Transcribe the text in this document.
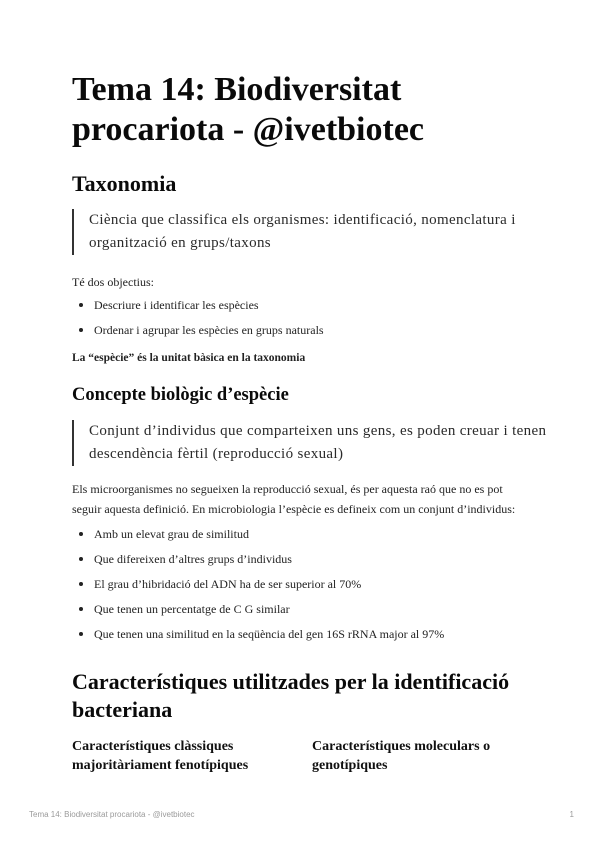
Tema 14: Biodiversitat procariota - @ivetbiotec
Taxonomia
Ciència que classifica els organismes: identificació, nomenclatura i organització en grups/taxons

Té dos objectius:

Descriure i identificar les espècies
Ordenar i agrupar les espècies en grups naturals

La “espècie” és la unitat bàsica en la taxonomia

Concepte biològic d’espècie
Conjunt d’individus que comparteixen uns gens, es poden creuar i tenen descendència fèrtil (reproducció sexual)

Els microorganismes no segueixen la reproducció sexual, és per aquesta raó que no es pot seguir aquesta definició. En microbiologia l’espècie es defineix com un conjunt d’individus:

Amb un elevat grau de similitud
Que difereixen d’altres grups d’individus
El grau d’hibridació del ADN ha de ser superior al 70%
Que tenen un percentatge de C G similar
Que tenen una similitud en la seqüència del gen 16S rRNA major al 97%
Característiques utilitzades per la identificació bacteriana
Característiques clàssiques majoritàriament fenotípiques
Característiques moleculars o genotípiques
Tema 14: Biodiversitat procariota - @ivetbiotec	1
